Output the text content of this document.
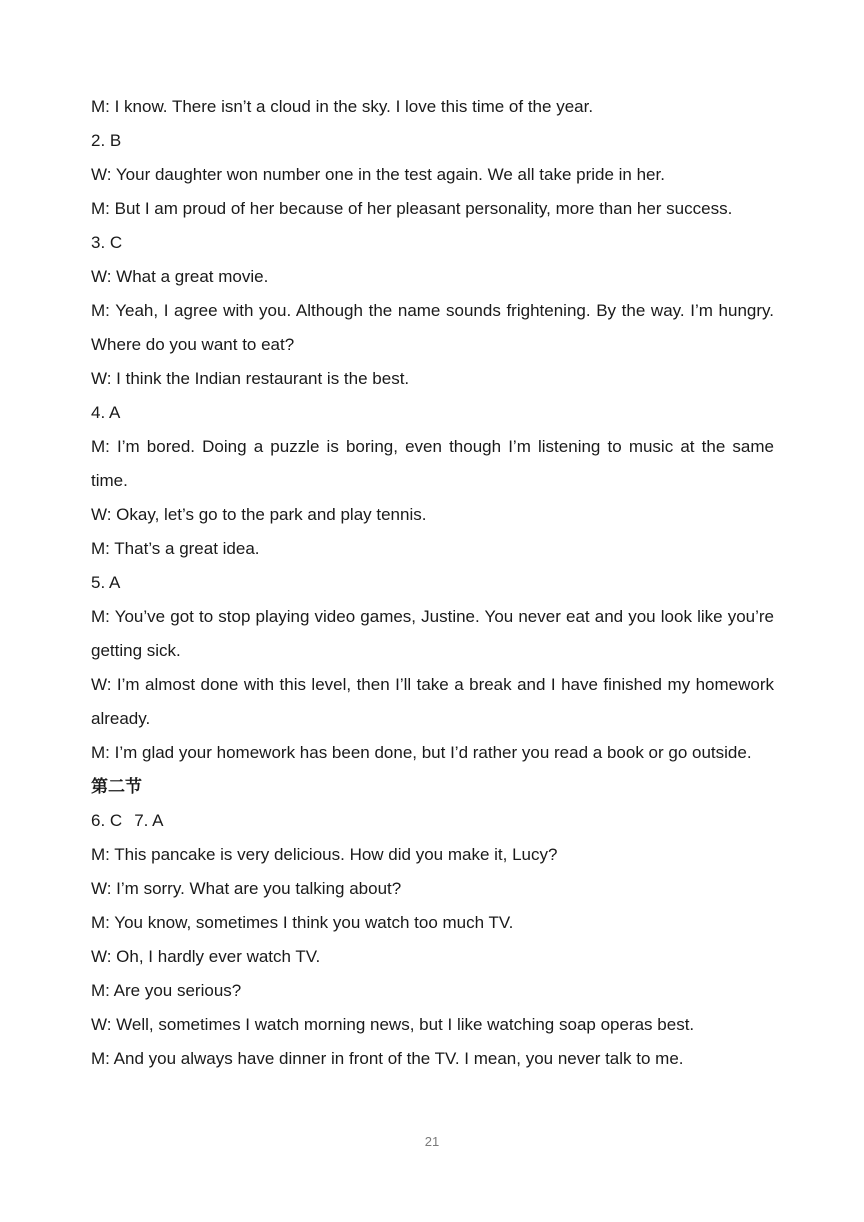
M: I know. There isn’t a cloud in the sky. I love this time of the year.

2. B

W: Your daughter won number one in the test again. We all take pride in her.

M: But I am proud of her because of her pleasant personality, more than her success.

3. C

W: What a great movie.

M: Yeah, I agree with you. Although the name sounds frightening. By the way. I’m hungry. Where do you want to eat?

W: I think the Indian restaurant is the best.

4. A

M: I’m bored. Doing a puzzle is boring, even though I’m listening to music at the same time.

W: Okay, let’s go to the park and play tennis.

M: That’s a great idea.

5. A

M: You’ve got to stop playing video games, Justine. You never eat and you look like you’re getting sick.

W: I’m almost done with this level, then I’ll take a break and I have finished my homework already.

M: I’m glad your homework has been done, but I’d rather you read a book or go outside.

第二节

6. C 7. A

M: This pancake is very delicious. How did you make it, Lucy?

W: I’m sorry. What are you talking about?

M: You know, sometimes I think you watch too much TV.

W: Oh, I hardly ever watch TV.

M: Are you serious?

W: Well, sometimes I watch morning news, but I like watching soap operas best.

M: And you always have dinner in front of the TV. I mean, you never talk to me.

21
